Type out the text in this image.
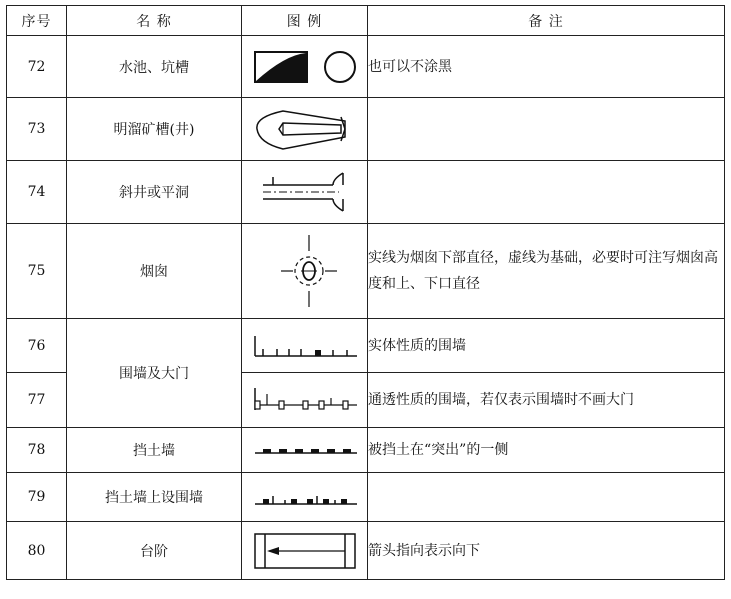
序号	名 称	图 例	备 注
72	水池、坑槽		也可以不涂黑
73	明溜矿槽(井)	

74	斜井或平洞	

75	烟囱		实线为烟囱下部直径，虚线为基础，必要时可注写烟囱高度和上、下口直径
76	围墙及大门		实体性质的围墙
77			通透性质的围墙，若仅表示围墙时不画大门
78	挡土墙		被挡土在“突出”的一侧
79	挡土墙上设围墙	

80	台阶		箭头指向表示向下
